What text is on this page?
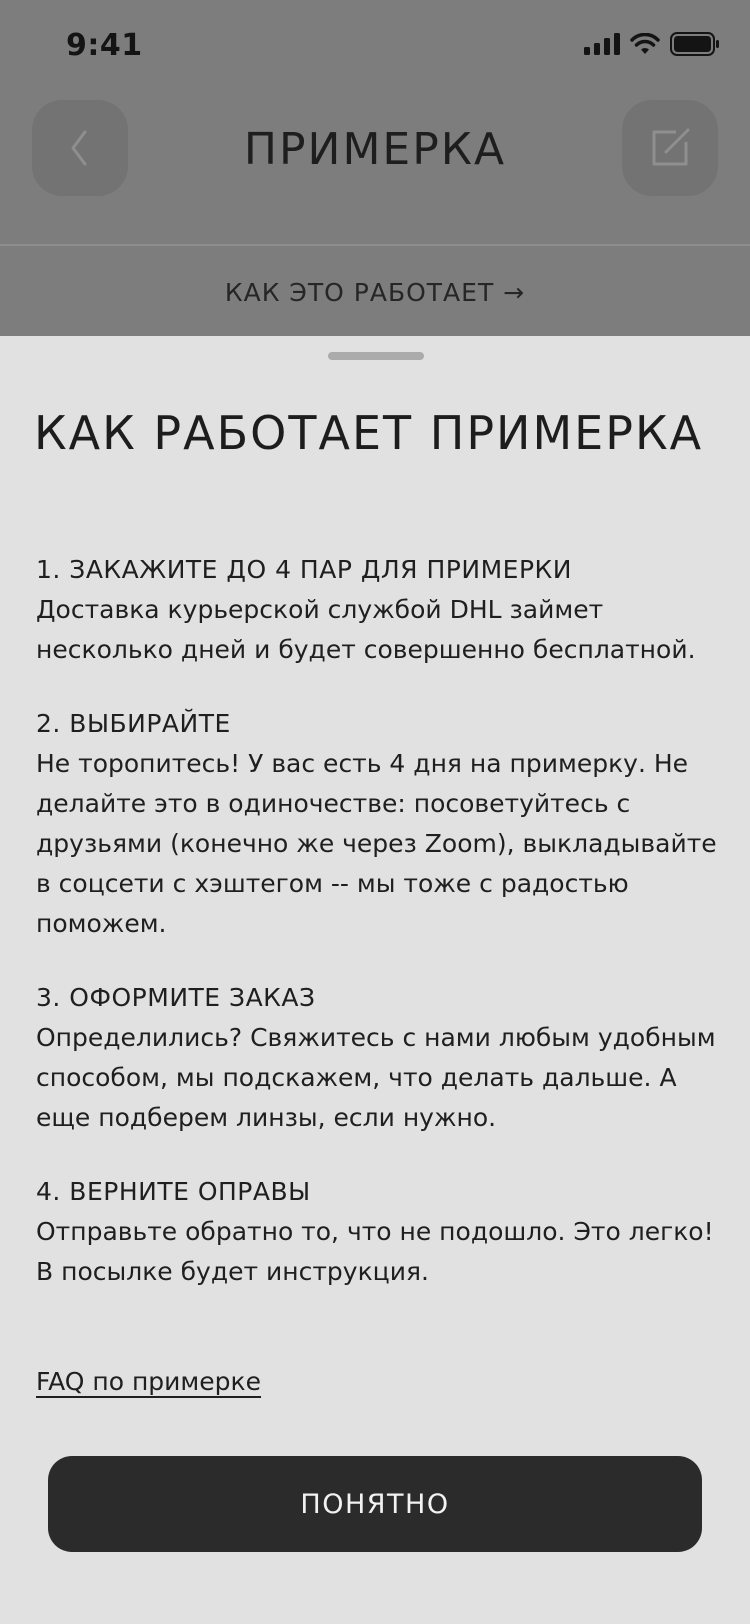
9:41
ПРИМЕРКА
КАК ЭТО РАБОТАЕТ →
КАК РАБОТАЕТ ПРИМЕРКА
1. ЗАКАЖИТЕ ДО 4 ПАР ДЛЯ ПРИМЕРКИ
Доставка курьерской службой DHL займет несколько дней и будет совершенно бесплатной.
2. ВЫБИРАЙТЕ
Не торопитесь! У вас есть 4 дня на примерку. Не делайте это в одиночестве: посоветуйтесь с друзьями (конечно же через Zoom), выкладывайте в соцсети с хэштегом -- мы тоже с радостью поможем.
3. ОФОРМИТЕ ЗАКАЗ
Определились? Свяжитесь с нами любым удобным способом, мы подскажем, что делать дальше. А еще подберем линзы, если нужно.
4. ВЕРНИТЕ ОПРАВЫ
Отправьте обратно то, что не подошло. Это легко! В посылке будет инструкция.
FAQ по примерке
ПОНЯТНО
